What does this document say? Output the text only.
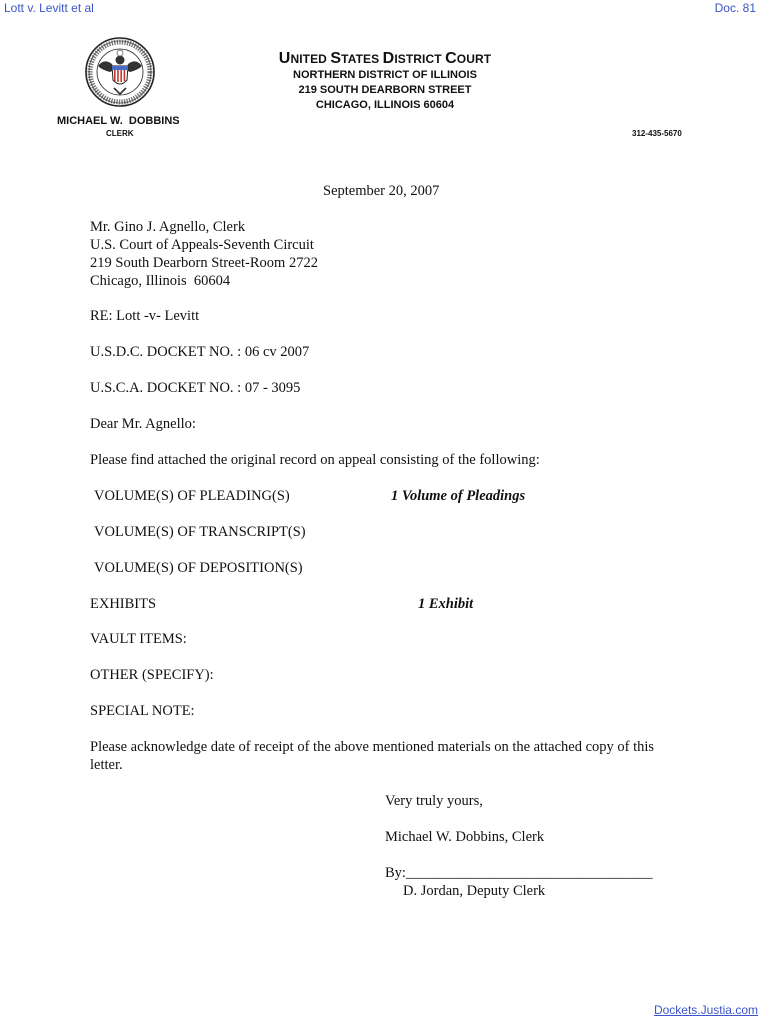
Lott v. Levitt et al	Doc. 81
UNITED STATES DISTRICT COURT
NORTHERN DISTRICT OF ILLINOIS
219 SOUTH DEARBORN STREET
CHICAGO, ILLINOIS 60604
MICHAEL W.  DOBBINS
CLERK	312-435-5670
September 20, 2007
Mr. Gino J. Agnello, Clerk
U.S. Court of Appeals-Seventh Circuit
219 South Dearborn Street-Room 2722
Chicago, Illinois  60604
RE: Lott -v- Levitt
U.S.D.C. DOCKET NO. : 06 cv 2007
U.S.C.A. DOCKET NO. : 07 - 3095
Dear Mr. Agnello:
Please find attached the original record on appeal consisting of the following:
VOLUME(S) OF PLEADING(S)	1 Volume of Pleadings
VOLUME(S) OF TRANSCRIPT(S)
VOLUME(S) OF DEPOSITION(S)
EXHIBITS	1 Exhibit
VAULT ITEMS:
OTHER (SPECIFY):
SPECIAL NOTE:
Please acknowledge date of receipt of the above mentioned materials on the attached copy of this
letter.
Very truly yours,
Michael W. Dobbins, Clerk
By:__________________________________
D. Jordan, Deputy Clerk
Dockets.Justia.com
